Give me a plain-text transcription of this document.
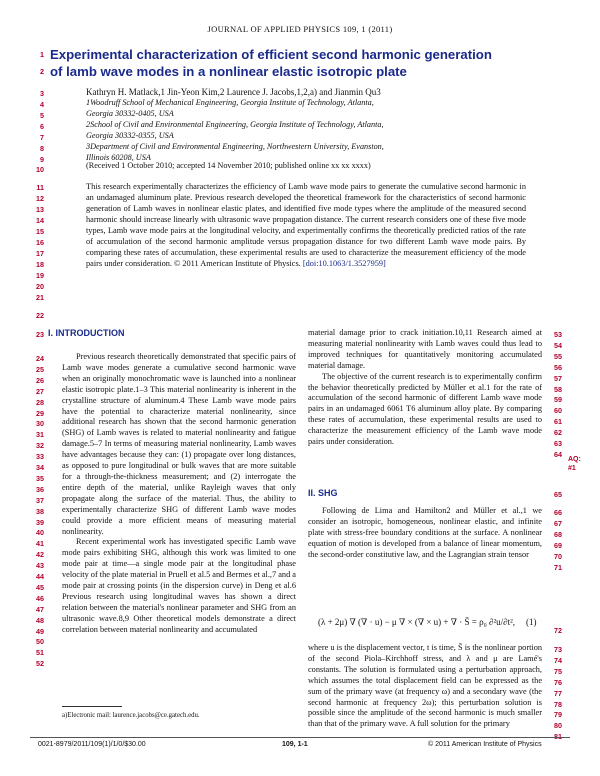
JOURNAL OF APPLIED PHYSICS 109, 1 (2011)
1
2
Experimental characterization of efficient second harmonic generation
of lamb wave modes in a nonlinear elastic isotropic plate
3
4
5
6
7
8
9
10
11
12
13
14
15
16
17
18
19
20
21
22
Kathryn H. Matlack,1 Jin-Yeon Kim,2 Laurence J. Jacobs,1,2,a) and Jianmin Qu3
1Woodruff School of Mechanical Engineering, Georgia Institute of Technology, Atlanta,
Georgia 30332-0405, USA
2School of Civil and Environmental Engineering, Georgia Institute of Technology, Atlanta,
Georgia 30332-0355, USA
3Department of Civil and Environmental Engineering, Northwestern University, Evanston,
Illinois 60208, USA
(Received 1 October 2010; accepted 14 November 2010; published online xx xx xxxx)
This research experimentally characterizes the efficiency of Lamb wave mode pairs to generate the cumulative second harmonic in an undamaged aluminum plate. Previous research developed the theoretical framework for the characteristics of second harmonic generation of Lamb waves in nonlinear elastic plates, and identified five mode types where the amplitude of the measured second harmonic should increase linearly with ultrasonic wave propagation distance. The current research considers one of these five mode types, Lamb wave mode pairs at the longitudinal velocity, and experimentally confirms the theoretically predicted ratios of the rate of accumulation of the second harmonic amplitude versus propagation distance for two different Lamb wave mode pairs. By comparing these rates of accumulation, these experimental results are used to characterize the measurement efficiency of the mode pairs under consideration. © 2011 American Institute of Physics. [doi:10.1063/1.3527959]
23
24
25
26
27
28
29
30
31
32
33
34
35
36
37
38
39
40
41
42
43
44
45
46
47
48
49
50
51
52
I. INTRODUCTION

Previous research theoretically demonstrated that specific pairs of Lamb wave modes generate a cumulative second harmonic wave when an originally monochromatic wave is launched into a nonlinear elastic isotropic plate.1–3 This material nonlinearity is inherent in the crystalline structure of aluminum.4 These Lamb wave mode pairs have the potential to characterize material nonlinearity, since additional research has shown that the second harmonic generation (SHG) of Lamb waves is related to material nonlinearity and fatigue damage.5–7 In terms of measuring material nonlinearity, Lamb waves have advantages because they can: (1) propagate over long distances, as opposed to pure longitudinal or bulk waves that are more suitable for a through-the-thickness measurement; and (2) interrogate the entire depth of the material, unlike Rayleigh waves that only propagate along the surface of the material. Thus, the ability to experimentally characterize SHG of different Lamb wave modes could provide a more efficient means of measuring material nonlinearity.

Recent experimental work has investigated specific Lamb wave mode pairs exhibiting SHG, although this work was limited to one mode pair at time—a single mode pair at the longitudinal phase velocity of the plate material in Pruell et al.5 and Bermes et al.,7 and a mode pair at crossing points (in the dispersion curve) in Deng et al.6 Previous research using longitudinal waves has shown a direct relation between the material's nonlinear parameter and SHG from an ultrasonic wave.8,9 Other theoretical models demonstrate a direct correlation between material nonlinearity and accumulated

53
54
55
56
57
58
59
60
61
62
63
64
65
66
67
68
69
70
71
72
73
74
75
76
77
78
79
80
81

material damage prior to crack initiation.10,11 Research aimed at measuring material nonlinearity with Lamb waves could thus lead to improved techniques for quantitatively monitoring accumulated material damage.

The objective of the current research is to experimentally confirm the behavior theoretically predicted by Müller et al.1 for the rate of accumulation of the second harmonic of different Lamb wave mode pairs in an undamaged 6061 T6 aluminum alloy plate. By comparing these rates of accumulation, these experimental results are used to characterize the measurement efficiency of the Lamb wave mode pairs under consideration.

II. SHG

Following de Lima and Hamilton2 and Müller et al.,1 we consider an isotropic, homogeneous, nonlinear elastic, and infinite plate with stress-free boundary conditions at the surface. A nonlinear equation of motion is developed from a balance of linear momentum, the second-order constitutive law, and the Lagrangian strain tensor

(λ + 2μ) ∇ (∇ · u) − μ ∇ × (∇ × u) + ∇ · S̄ = ρ₀ ∂²u/∂t²,	(1)

where u is the displacement vector, t is time, S̄ is the nonlinear portion of the second Piola–Kirchhoff stress, and λ and μ are Lamé's constants. The solution is formulated using a perturbation approach, which assumes the total displacement field can be expressed as the sum of the primary wave (at frequency ω) and a secondary wave (the second harmonic at frequency 2ω); this perturbation solution is possible since the amplitude of the second harmonic is much smaller than that of the primary wave. A full solution for the primary

AQ:
#1
a)Electronic mail: laurence.jacobs@ce.gatech.edu.
0021-8979/2011/109(1)/1/0/$30.00	109, 1-1	© 2011 American Institute of Physics
